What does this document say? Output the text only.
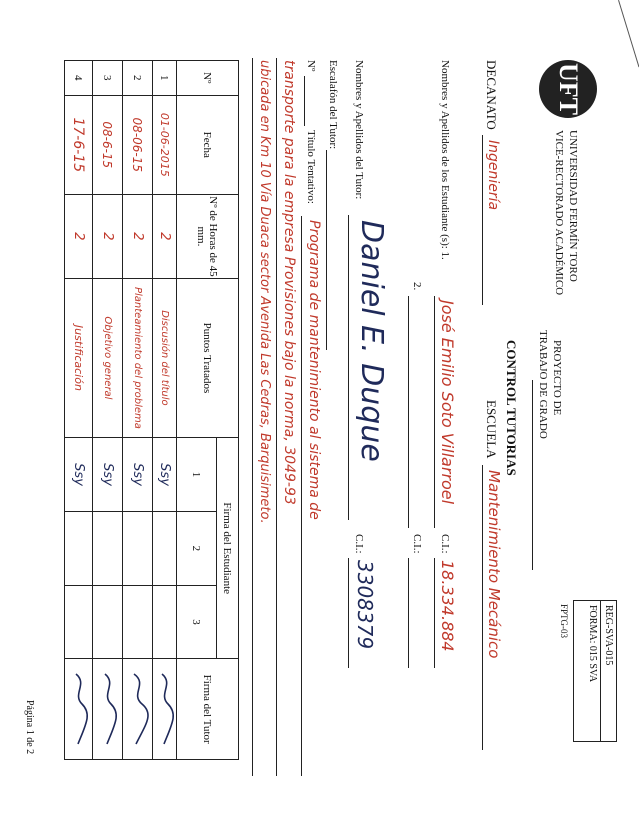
UFT
UNIVERSIDAD FERMÍN TORO
VICE-RECTORADO ACADÉMICO
PROYECTO DE
TRABAJO DE GRADO
REG-SVA-015
FORMA: 015 SVA
FPTG-03
CONTROL TUTORIAS
DECANATO
Ingeniería
ESCUELA
Mantenimiento Mecánico
Nombres y Apellidos de los Estudiante (s): 1.
José Emilio Soto Villarroel
C.I.:
18.334.884
2.
C.I.:
Nombres y Apellidos del Tutor:
Daniel E. Duque
C.I.:
3308379
Escalafón del Tutor:
Nº
Título Tentativo:
Programa de mantenimiento al sistema de
transporte para la empresa Provisiones bajo la norma, 3049-93
ubicada en Km 10 Vía Duaca sector Avenida Las Cedras, Barquisimeto.
Nº	Fecha	Nº de Horas de 45 mm.	Puntos Tratados	Firma del Estudiante			Firma del Tutor
				1	2	3	
1	01-06-2015	2	Discusión del título	Ssy			
2	08-06-15	2	Planteamiento del problema	Ssy			
3	08-6-15	2	Objetivo general	Ssy			
4	17-6-15	2	Justificación	Ssy			
Página 1 de 2
